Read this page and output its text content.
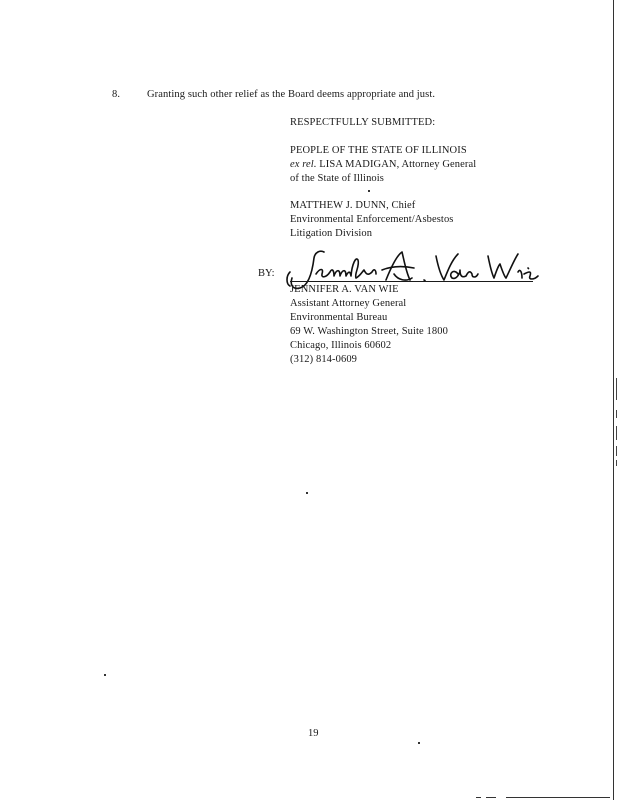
8.	Granting such other relief as the Board deems appropriate and just.
RESPECTFULLY SUBMITTED:
PEOPLE OF THE STATE OF ILLINOIS
ex rel. LISA MADIGAN, Attorney General
of the State of Illinois
MATTHEW J. DUNN, Chief
Environmental Enforcement/Asbestos
Litigation Division
BY:
JENNIFER A. VAN WIE
Assistant Attorney General
Environmental Bureau
69 W. Washington Street, Suite 1800
Chicago, Illinois 60602
(312) 814-0609
19
